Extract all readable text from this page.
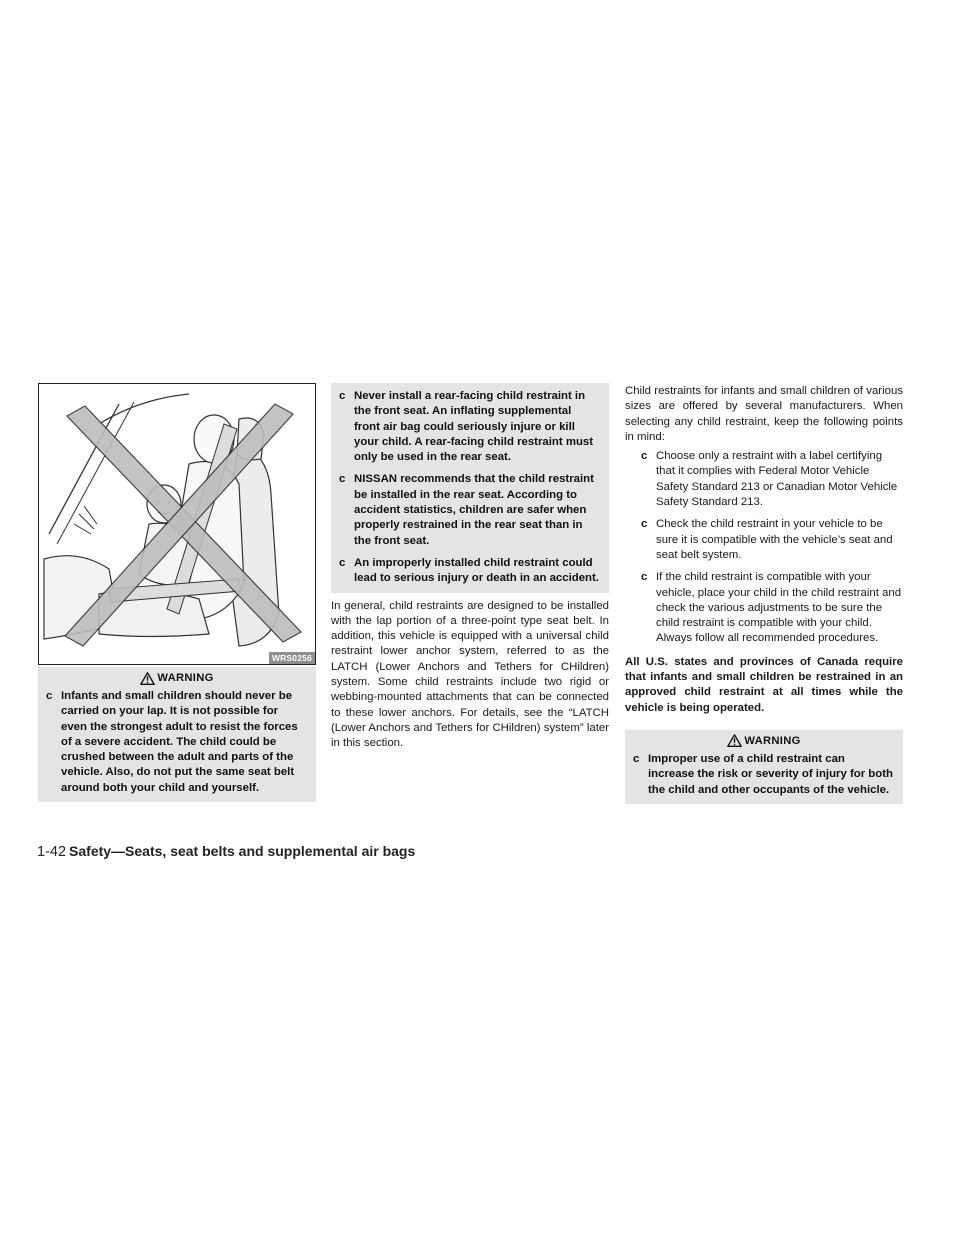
WRS0256
WARNING
c Infants and small children should never be carried on your lap. It is not possible for even the strongest adult to resist the forces of a severe accident. The child could be crushed between the adult and parts of the vehicle. Also, do not put the same seat belt around both your child and yourself.
c Never install a rear-facing child restraint in the front seat. An inflating supplemental front air bag could seriously injure or kill your child. A rear-facing child restraint must only be used in the rear seat.
c NISSAN recommends that the child restraint be installed in the rear seat. According to accident statistics, children are safer when properly restrained in the rear seat than in the front seat.
c An improperly installed child restraint could lead to serious injury or death in an accident.

In general, child restraints are designed to be installed with the lap portion of a three-point type seat belt. In addition, this vehicle is equipped with a universal child restraint lower anchor system, referred to as the LATCH (Lower Anchors and Tethers for CHildren) system. Some child restraints include two rigid or webbing-mounted attachments that can be connected to these lower anchors. For details, see the “LATCH (Lower Anchors and Tethers for CHildren) system” later in this section.

Child restraints for infants and small children of various sizes are offered by several manufacturers. When selecting any child restraint, keep the following points in mind:

c Choose only a restraint with a label certifying that it complies with Federal Motor Vehicle Safety Standard 213 or Canadian Motor Vehicle Safety Standard 213.
c Check the child restraint in your vehicle to be sure it is compatible with the vehicle’s seat and seat belt system.
c If the child restraint is compatible with your vehicle, place your child in the child restraint and check the various adjustments to be sure the child restraint is compatible with your child. Always follow all recommended procedures.

All U.S. states and provinces of Canada require that infants and small children be restrained in an approved child restraint at all times while the vehicle is being operated.

WARNING
c Improper use of a child restraint can increase the risk or severity of injury for both the child and other occupants of the vehicle.
1-42 Safety—Seats, seat belts and supplemental air bags
